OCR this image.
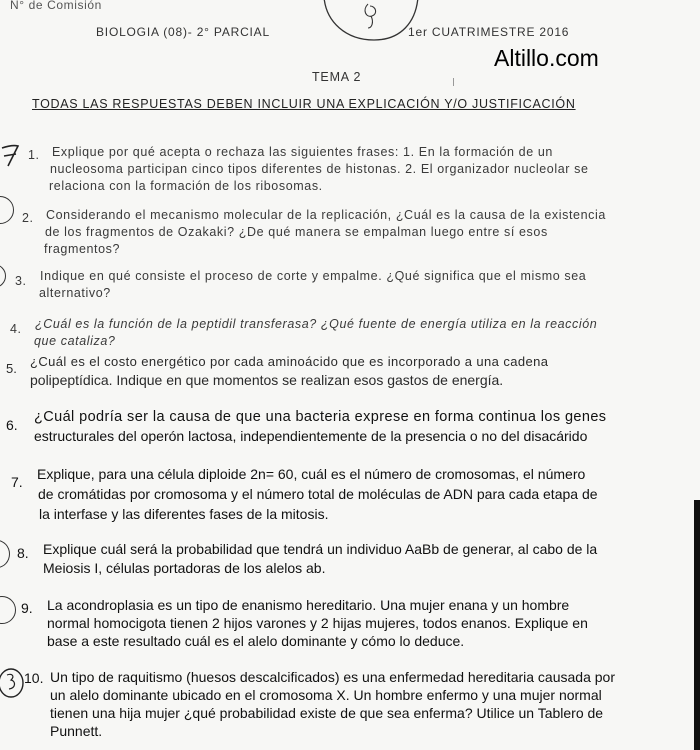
N° de Comisión
BIOLOGIA (08)- 2° PARCIAL	1er CUATRIMESTRE 2016
Altillo.com
TEMA 2
TODAS LAS RESPUESTAS DEBEN INCLUIR UNA EXPLICACIÓN Y/O JUSTIFICACIÓN
1. Explique por qué acepta o rechaza las siguientes frases: 1. En la formación de un
nucleosoma participan cinco tipos diferentes de histonas. 2. El organizador nucleolar se
relaciona con la formación de los ribosomas.
2. Considerando el mecanismo molecular de la replicación, ¿Cuál es la causa de la existencia
de los fragmentos de Ozakaki? ¿De qué manera se empalman luego entre sí esos
fragmentos?
3. Indique en qué consiste el proceso de corte y empalme. ¿Qué significa que el mismo sea
alternativo?
4. ¿Cuál es la función de la peptidil transferasa? ¿Qué fuente de energía utiliza en la reacción
que cataliza?
5. ¿Cuál es el costo energético por cada aminoácido que es incorporado a una cadena
polipeptídica. Indique en que momentos se realizan esos gastos de energía.
6. ¿Cuál podría ser la causa de que una bacteria exprese en forma continua los genes
estructurales del operón lactosa, independientemente de la presencia o no del disacárido
7. Explique, para una célula diploide 2n= 60, cuál es el número de cromosomas, el número
de cromátidas por cromosoma y el número total de moléculas de ADN para cada etapa de
la interfase y las diferentes fases de la mitosis.
8. Explique cuál será la probabilidad que tendrá un individuo AaBb de generar, al cabo de la
Meiosis I, células portadoras de los alelos ab.
9. La acondroplasia es un tipo de enanismo hereditario. Una mujer enana y un hombre
normal homocigota tienen 2 hijos varones y 2 hijas mujeres, todos enanos. Explique en
base a este resultado cuál es el alelo dominante y cómo lo deduce.
10. Un tipo de raquitismo (huesos descalcificados) es una enfermedad hereditaria causada por
un alelo dominante ubicado en el cromosoma X. Un hombre enfermo y una mujer normal
tienen una hija mujer ¿qué probabilidad existe de que sea enferma? Utilice un Tablero de
Punnett.
